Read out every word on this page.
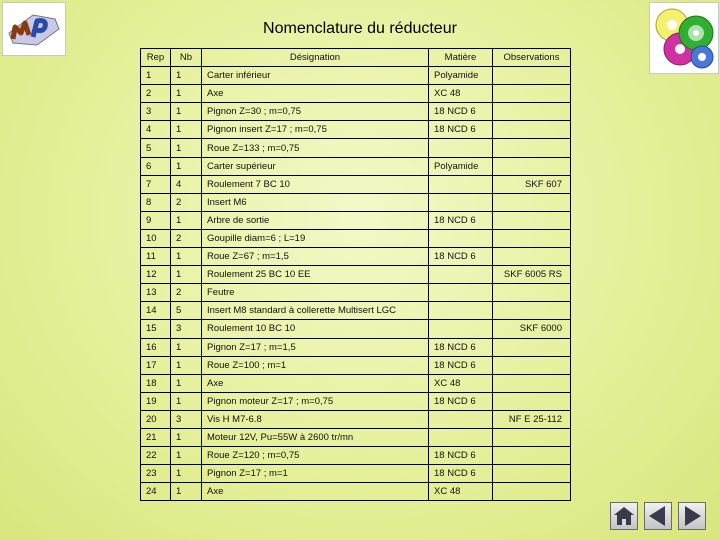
Nomenclature du réducteur
Rep	Nb	Désignation	Matière	Observations
1	1	Carter inférieur	Polyamide	
2	1	Axe	XC 48	
3	1	Pignon Z=30 ; m=0,75	18 NCD 6	
4	1	Pignon insert Z=17 ; m=0,75	18 NCD 6	
5	1	Roue Z=133 ; m=0,75		
6	1	Carter supérieur	Polyamide	
7	4	Roulement 7 BC 10		SKF 607
8	2	Insert M6		
9	1	Arbre de sortie	18 NCD 6	
10	2	Goupille diam=6 ; L=19		
11	1	Roue Z=67 ; m=1,5	18 NCD 6	
12	1	Roulement 25 BC 10 EE		SKF 6005 RS
13	2	Feutre		
14	5	Insert M8 standard à collerette Multisert LGC		
15	3	Roulement 10 BC 10		SKF 6000
16	1	Pignon Z=17 ; m=1,5	18 NCD 6	
17	1	Roue Z=100 ; m=1	18 NCD 6	
18	1	Axe	XC 48	
19	1	Pignon moteur Z=17 ; m=0,75	18 NCD 6	
20	3	Vis H M7-6.8		NF E 25-112
21	1	Moteur 12V, Pu=55W à 2600 tr/mn		
22	1	Roue Z=120 ; m=0,75	18 NCD 6	
23	1	Pignon Z=17 ; m=1	18 NCD 6	
24	1	Axe	XC 48	
